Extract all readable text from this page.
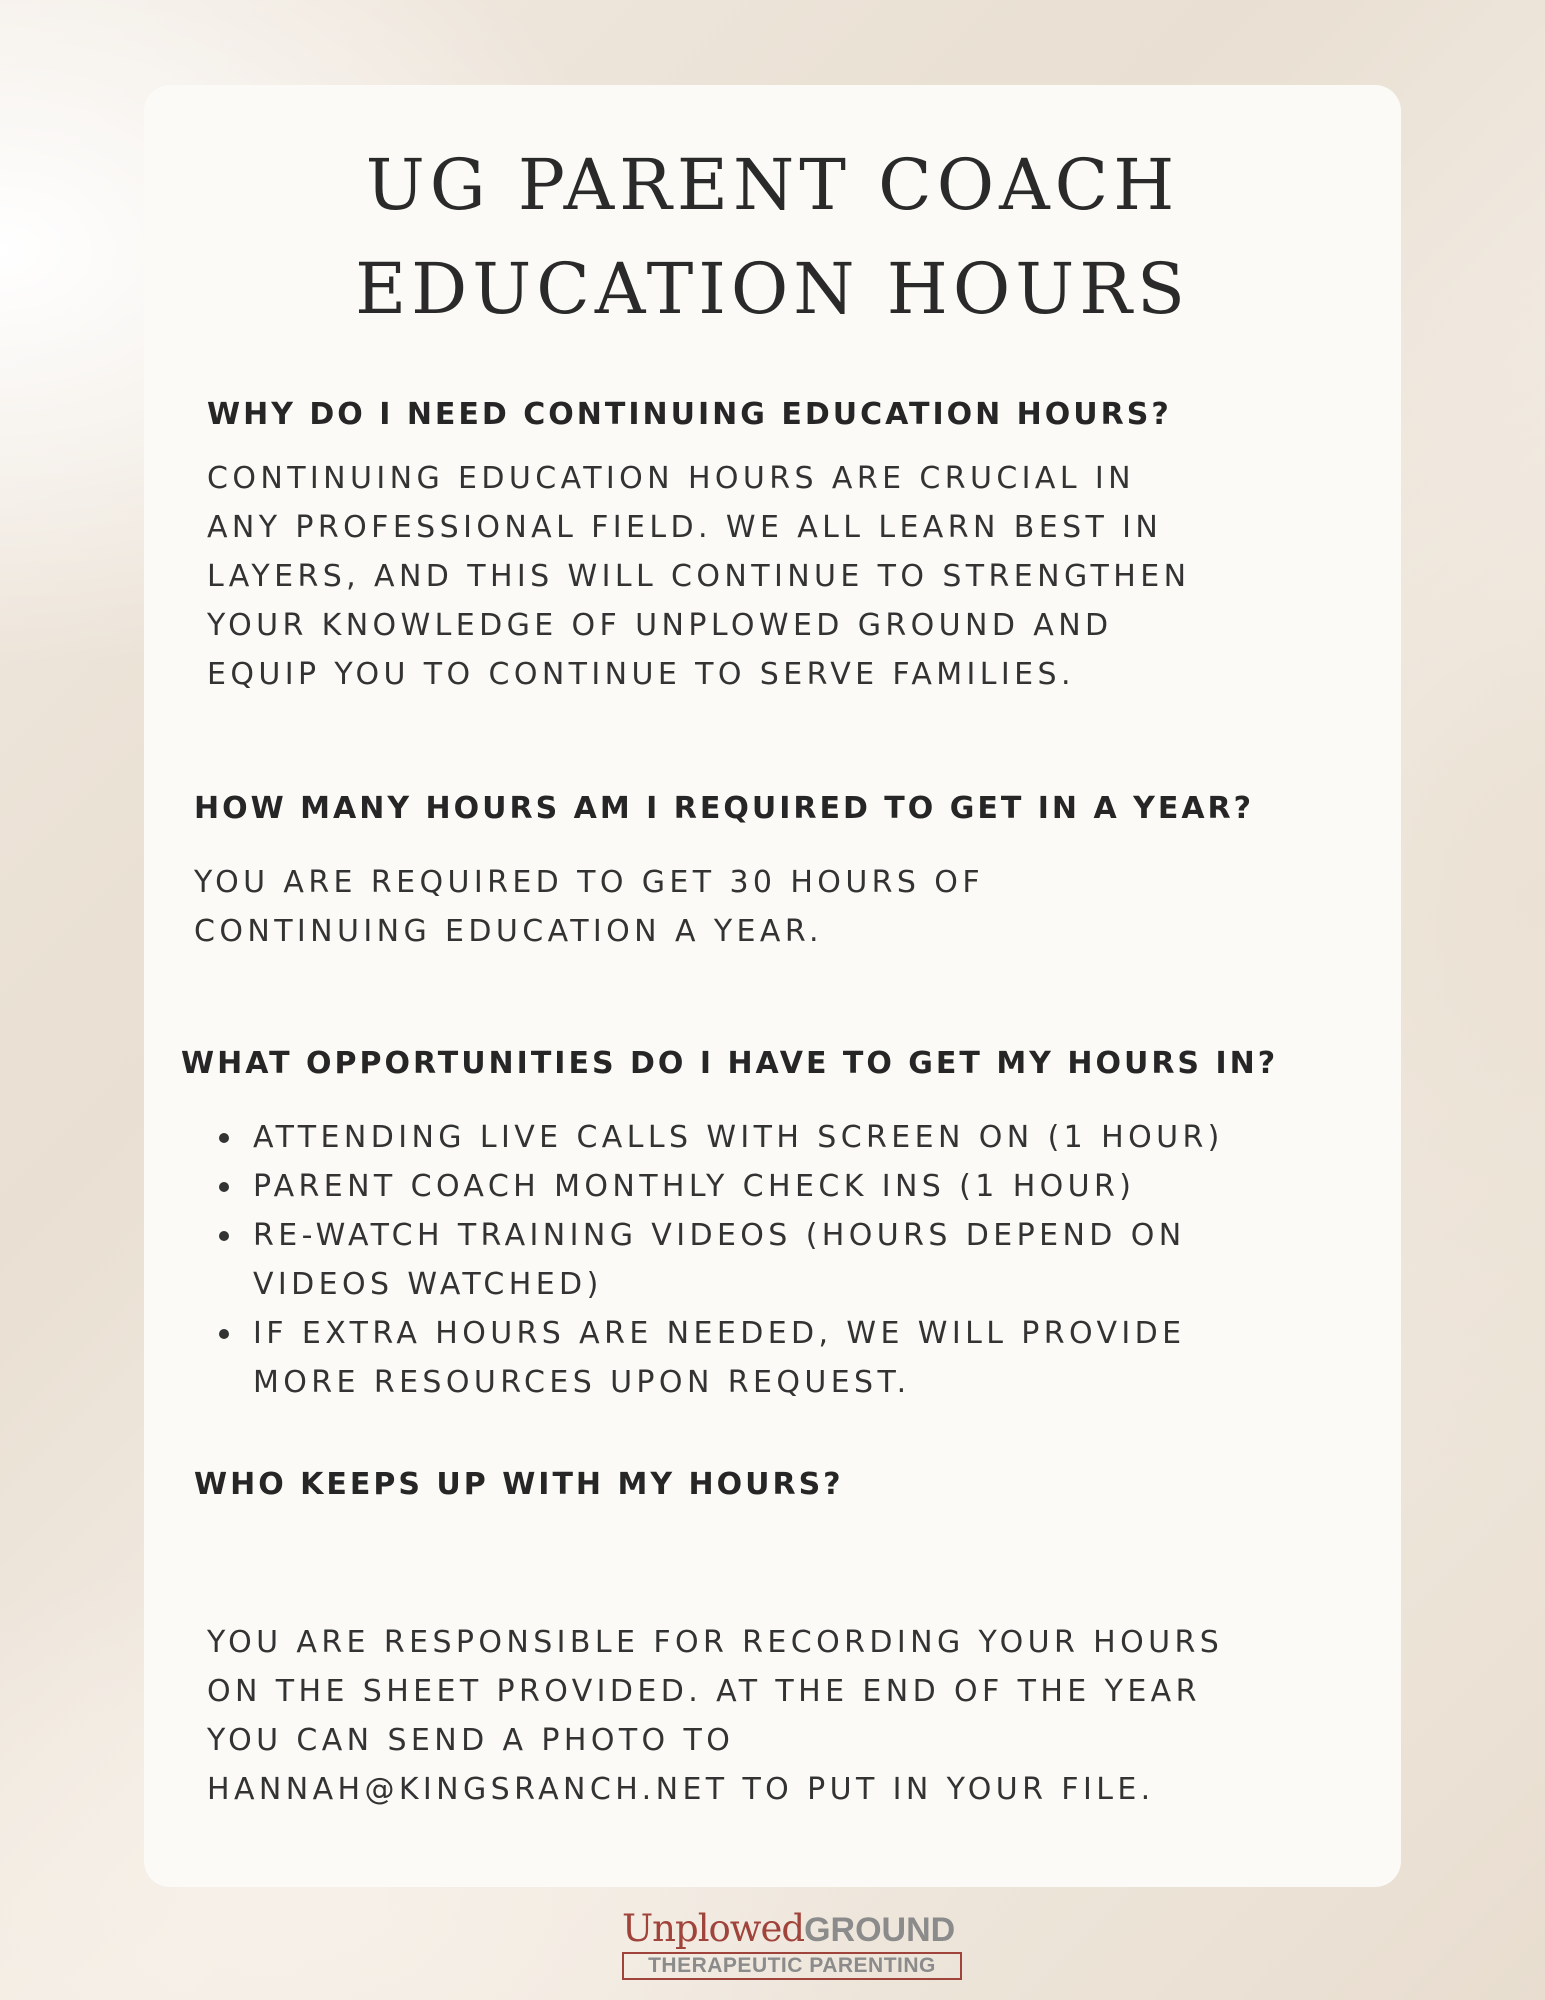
UG PARENT COACH
EDUCATION HOURS
WHY DO I NEED CONTINUING EDUCATION HOURS?
CONTINUING EDUCATION HOURS ARE CRUCIAL IN
ANY PROFESSIONAL FIELD. WE ALL LEARN BEST IN
LAYERS, AND THIS WILL CONTINUE TO STRENGTHEN
YOUR KNOWLEDGE OF UNPLOWED GROUND AND
EQUIP YOU TO CONTINUE TO SERVE FAMILIES.
HOW MANY HOURS AM I REQUIRED TO GET IN A YEAR?
YOU ARE REQUIRED TO GET 30 HOURS OF
CONTINUING EDUCATION A YEAR.
WHAT OPPORTUNITIES DO I HAVE TO GET MY HOURS IN?
ATTENDING LIVE CALLS WITH SCREEN ON (1 HOUR)
PARENT COACH MONTHLY CHECK INS (1 HOUR)
RE-WATCH TRAINING VIDEOS (HOURS DEPEND ON
VIDEOS WATCHED)
IF EXTRA HOURS ARE NEEDED, WE WILL PROVIDE
MORE RESOURCES UPON REQUEST.
WHO KEEPS UP WITH MY HOURS?
YOU ARE RESPONSIBLE FOR RECORDING YOUR HOURS
ON THE SHEET PROVIDED. AT THE END OF THE YEAR
YOU CAN SEND A PHOTO TO
HANNAH@KINGSRANCH.NET TO PUT IN YOUR FILE.
UnplowedGROUND
THERAPEUTIC PARENTING
